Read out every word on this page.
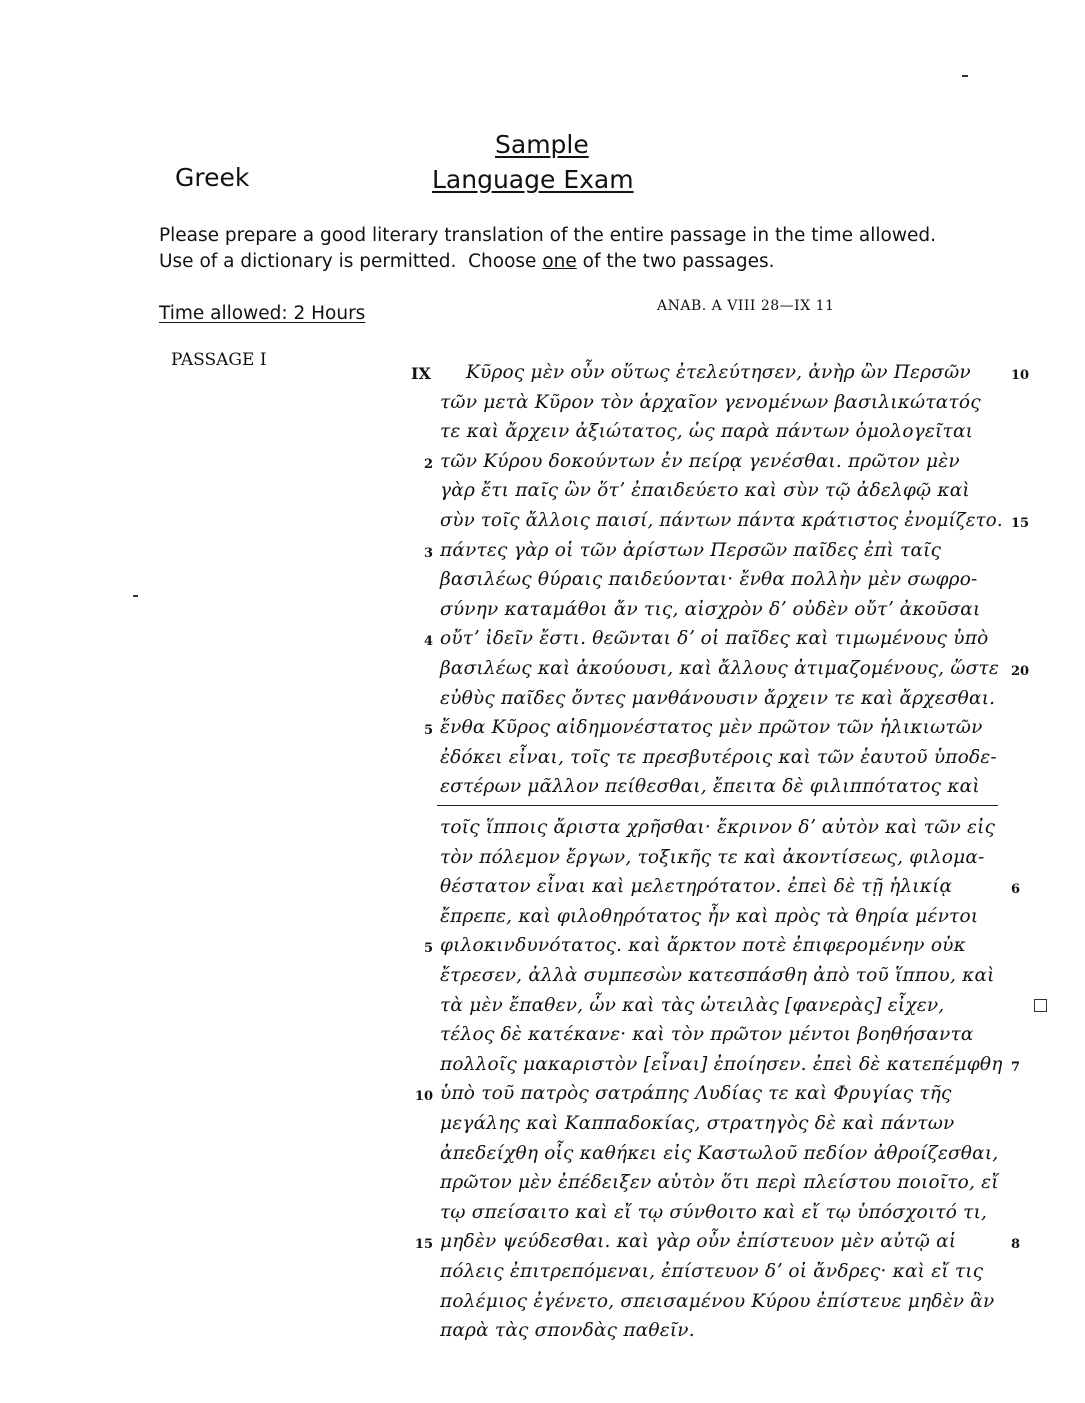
Greek
Sample
Language Exam
Please prepare a good literary translation of the entire passage in the time allowed.
Use of a dictionary is permitted.  Choose one of the two passages.
Time allowed: 2 Hours	ANAB. Α VIII 28—IX 11
PASSAGE I
IX Κῦρος μὲν οὖν οὕτως ἐτελεύτησεν, ἀνὴρ ὢν Περσῶν	10
τῶν μετὰ Κῦρον τὸν ἀρχαῖον γενομένων βασιλικώτατός
τε καὶ ἄρχειν ἀξιώτατος, ὡς παρὰ πάντων ὁμολογεῖται
τῶν Κύρου δοκούντων ἐν πείρᾳ γενέσθαι. πρῶτον μὲν
2
γὰρ ἔτι παῖς ὢν ὅτʼ ἐπαιδεύετο καὶ σὺν τῷ ἀδελφῷ καὶ
σὺν τοῖς ἄλλοις παισί, πάντων πάντα κράτιστος ἐνομίζετο. 15
πάντες γὰρ οἱ τῶν ἀρίστων Περσῶν παῖδες ἐπὶ ταῖς
3
βασιλέως θύραις παιδεύονται· ἔνθα πολλὴν μὲν σωφρο-
σύνην καταμάθοι ἄν τις, αἰσχρὸν δʼ οὐδὲν οὔτʼ ἀκοῦσαι
οὔτʼ ἰδεῖν ἔστι. θεῶνται δʼ οἱ παῖδες καὶ τιμωμένους ὑπὸ
4
βασιλέως καὶ ἀκούουσι, καὶ ἄλλους ἀτιμαζομένους, ὥστε 20
εὐθὺς παῖδες ὄντες μανθάνουσιν ἄρχειν τε καὶ ἄρχεσθαι.
ἔνθα Κῦρος αἰδημονέστατος μὲν πρῶτον τῶν ἡλικιωτῶν
5
ἐδόκει εἶναι, τοῖς τε πρεσβυτέροις καὶ τῶν ἑαυτοῦ ὑποδε-
εστέρων μᾶλλον πείθεσθαι, ἔπειτα δὲ φιλιππότατος καὶ
τοῖς ἵπποις ἄριστα χρῆσθαι· ἔκρινον δʼ αὐτὸν καὶ τῶν εἰς
τὸν πόλεμον ἔργων, τοξικῆς τε καὶ ἀκοντίσεως, φιλομα-
θέστατον εἶναι καὶ μελετηρότατον. ἐπεὶ δὲ τῇ ἡλικίᾳ	6
ἔπρεπε, καὶ φιλοθηρότατος ἦν καὶ πρὸς τὰ θηρία μέντοι
φιλοκινδυνότατος. καὶ ἄρκτον ποτὲ ἐπιφερομένην οὐκ
5
ἔτρεσεν, ἀλλὰ συμπεσὼν κατεσπάσθη ἀπὸ τοῦ ἵππου, καὶ
τὰ μὲν ἔπαθεν, ὧν καὶ τὰς ὠτειλὰς [φανερὰς] εἶχεν,
τέλος δὲ κατέκανε· καὶ τὸν πρῶτον μέντοι βοηθήσαντα
πολλοῖς μακαριστὸν [εἶναι] ἐποίησεν. ἐπεὶ δὲ κατεπέμφθη 7
ὑπὸ τοῦ πατρὸς σατράπης Λυδίας τε καὶ Φρυγίας τῆς
10
μεγάλης καὶ Καππαδοκίας, στρατηγὸς δὲ καὶ πάντων
ἀπεδείχθη οἷς καθήκει εἰς Καστωλοῦ πεδίον ἀθροίζεσθαι,
πρῶτον μὲν ἐπέδειξεν αὑτὸν ὅτι περὶ πλείστου ποιοῖτο, εἴ
τῳ σπείσαιτο καὶ εἴ τῳ σύνθοιτο καὶ εἴ τῳ ὑπόσχοιτό τι,
μηδὲν ψεύδεσθαι. καὶ γὰρ οὖν ἐπίστευον μὲν αὐτῷ αἱ
15	8
πόλεις ἐπιτρεπόμεναι, ἐπίστευον δʼ οἱ ἄνδρες· καὶ εἴ τις
πολέμιος ἐγένετο, σπεισαμένου Κύρου ἐπίστευε μηδὲν ἂν
παρὰ τὰς σπονδὰς παθεῖν.
